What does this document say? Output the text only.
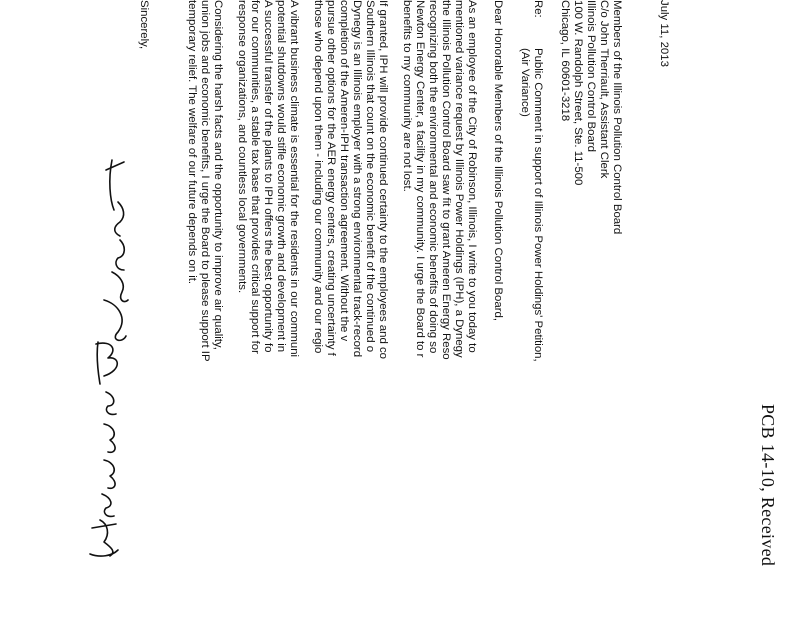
PCB 14-10, Received
July 11, 2013
Members of the Illinois Pollution Control Board
C/o John Therriault, Assistant Clerk
Illinois Pollution Control Board
100 W. Randolph Street, Ste. 11-500
Chicago, IL 60601-3218
Re:
Public Comment in support of Illinois Power Holdings' Petition,
(Air Variance)
Dear Honorable Members of the Illinois Pollution Control Board,
As an employee of the City of Robinson, Illinois, I write to you today to
mentioned variance request by Illinois Power Holdings (IPH), a Dynegy
the Illinois Pollution Control Board saw fit to grant Ameren Energy Reso
recognizing both the environmental and economic benefits of doing so
Newton Energy Center, a facility in my community. I urge the Board to r
benefits to my community are not lost.
If granted, IPH will provide continued certainty to the employees and co
Southern Illinois that count on the economic benefit of the continued o
Dynegy is an Illinois employer with a strong environmental track-record
completion of the Ameren-IPH transaction agreement. Without the v
pursue other options for the AER energy centers, creating uncertainty f
those who depend upon them - including our community and our regio
A vibrant business climate is essential for the residents in our communi
potential shutdowns would stifle economic growth and development in
A successful transfer of the plants to IPH offers the best opportunity fo
for our communities, a stable tax base that provides critical support for
response organizations, and countless local governments.
Considering the harsh facts and the opportunity to improve air quality,
union jobs and economic benefits, I urge the Board to please support IP
temporary relief. The welfare of our future depends on it.
Sincerely,
